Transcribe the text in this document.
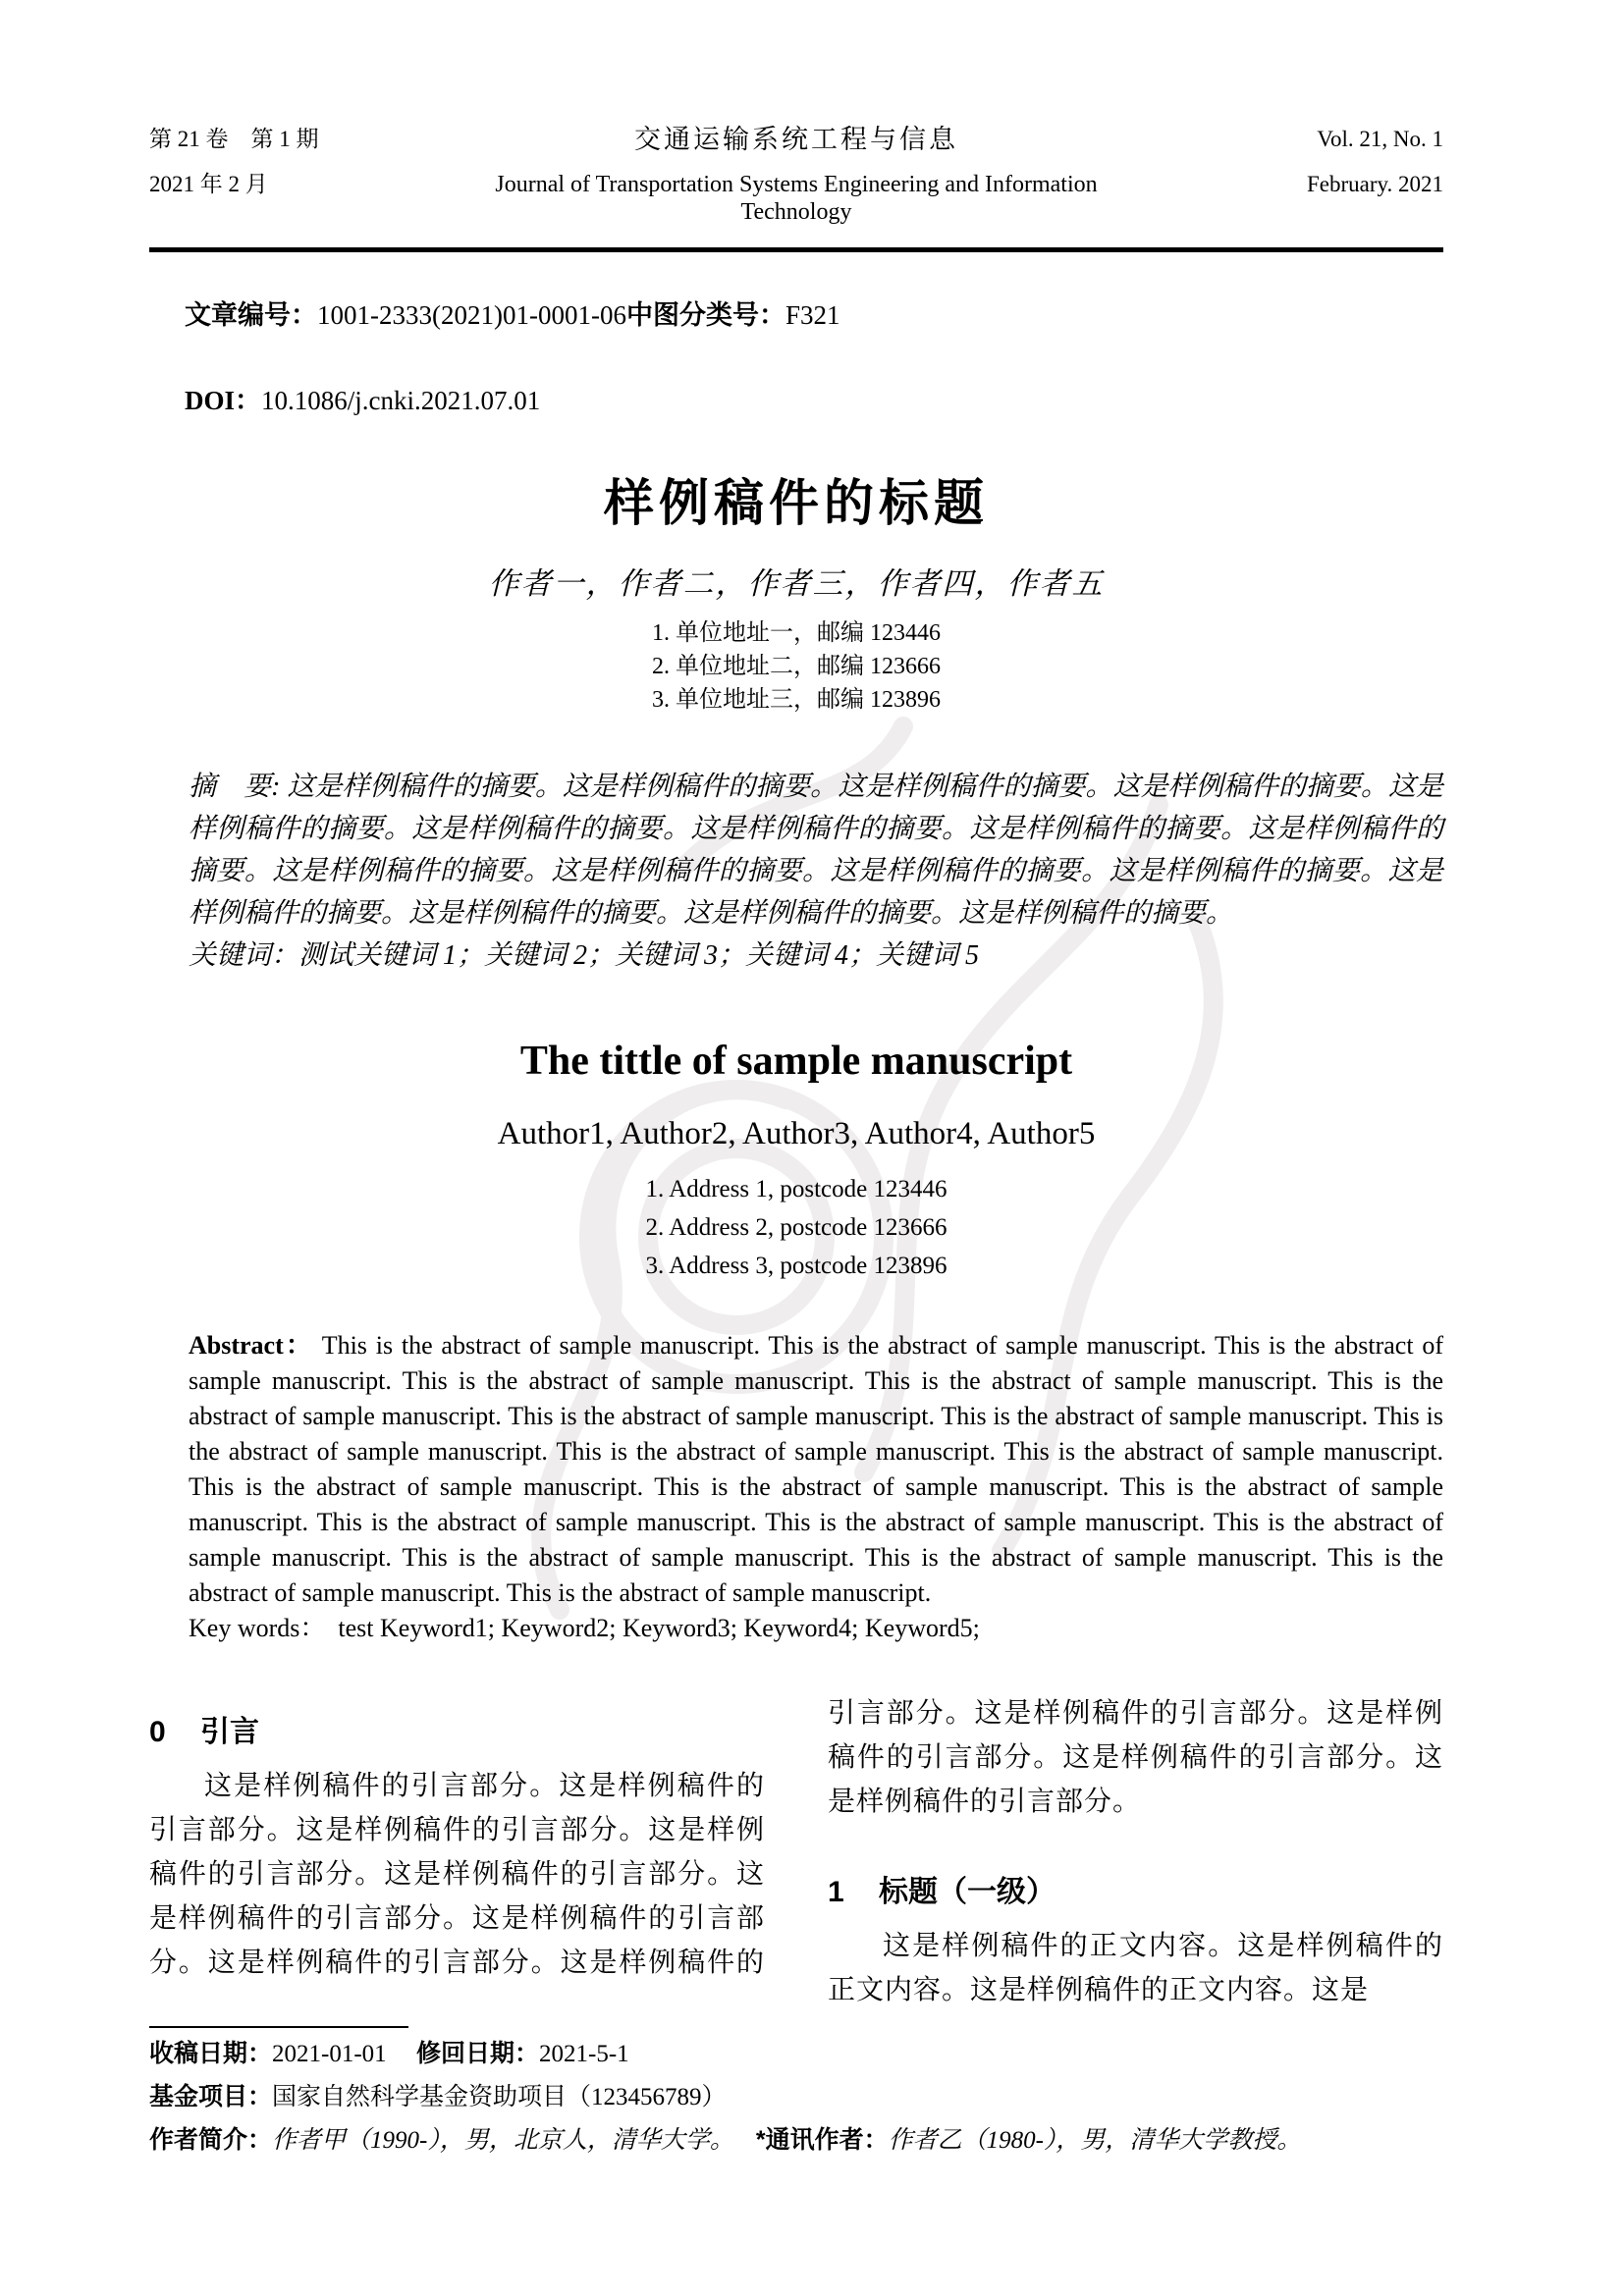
第 21 卷　第 1 期
2021 年 2 月
交通运输系统工程与信息
Journal of Transportation Systems Engineering and Information Technology
Vol. 21, No. 1
February. 2021
文章编号：1001-2333(2021)01-0001-06中图分类号：F321
DOI：10.1086/j.cnki.2021.07.01
样例稿件的标题
作者一，作者二，作者三，作者四，作者五
1. 单位地址一，邮编 123446
2. 单位地址二，邮编 123666
3. 单位地址三，邮编 123896
摘　要: 这是样例稿件的摘要。这是样例稿件的摘要。这是样例稿件的摘要。这是样例稿件的摘要。这是样例稿件的摘要。这是样例稿件的摘要。这是样例稿件的摘要。这是样例稿件的摘要。这是样例稿件的摘要。这是样例稿件的摘要。这是样例稿件的摘要。这是样例稿件的摘要。这是样例稿件的摘要。这是样例稿件的摘要。这是样例稿件的摘要。这是样例稿件的摘要。这是样例稿件的摘要。
关键词：测试关键词 1；关键词 2；关键词 3；关键词 4；关键词 5
The tittle of sample manuscript
Author1, Author2, Author3, Author4, Author5
1. Address 1, postcode 123446
2. Address 2, postcode 123666
3. Address 3, postcode 123896
Abstract： This is the abstract of sample manuscript. This is the abstract of sample manuscript. This is the abstract of sample manuscript. This is the abstract of sample manuscript. This is the abstract of sample manuscript. This is the abstract of sample manuscript. This is the abstract of sample manuscript. This is the abstract of sample manuscript. This is the abstract of sample manuscript. This is the abstract of sample manuscript. This is the abstract of sample manuscript. This is the abstract of sample manuscript. This is the abstract of sample manuscript. This is the abstract of sample manuscript. This is the abstract of sample manuscript. This is the abstract of sample manuscript. This is the abstract of sample manuscript. This is the abstract of sample manuscript. This is the abstract of sample manuscript. This is the abstract of sample manuscript. This is the abstract of sample manuscript.
Key words：　 test Keyword1; Keyword2; Keyword3; Keyword4; Keyword5;
0 引言

这是样例稿件的引言部分。这是样例稿件的引言部分。这是样例稿件的引言部分。这是样例稿件的引言部分。这是样例稿件的引言部分。这是样例稿件的引言部分。这是样例稿件的引言部分。这是样例稿件的引言部分。这是样例稿件的引言部分。这是样例稿件的引言部分。这是样例稿件的引言部分。这是样例稿件的引言部分。这是样例稿件的引言部分。

1 标题（一级）

这是样例稿件的正文内容。这是样例稿件的正文内容。这是样例稿件的正文内容。这是

收稿日期：2021-01-01 修回日期：2021-5-1
基金项目：国家自然科学基金资助项目（123456789）
作者简介：作者甲（1990-），男，北京人，清华大学。 *通讯作者：作者乙（1980-），男，清华大学教授。
